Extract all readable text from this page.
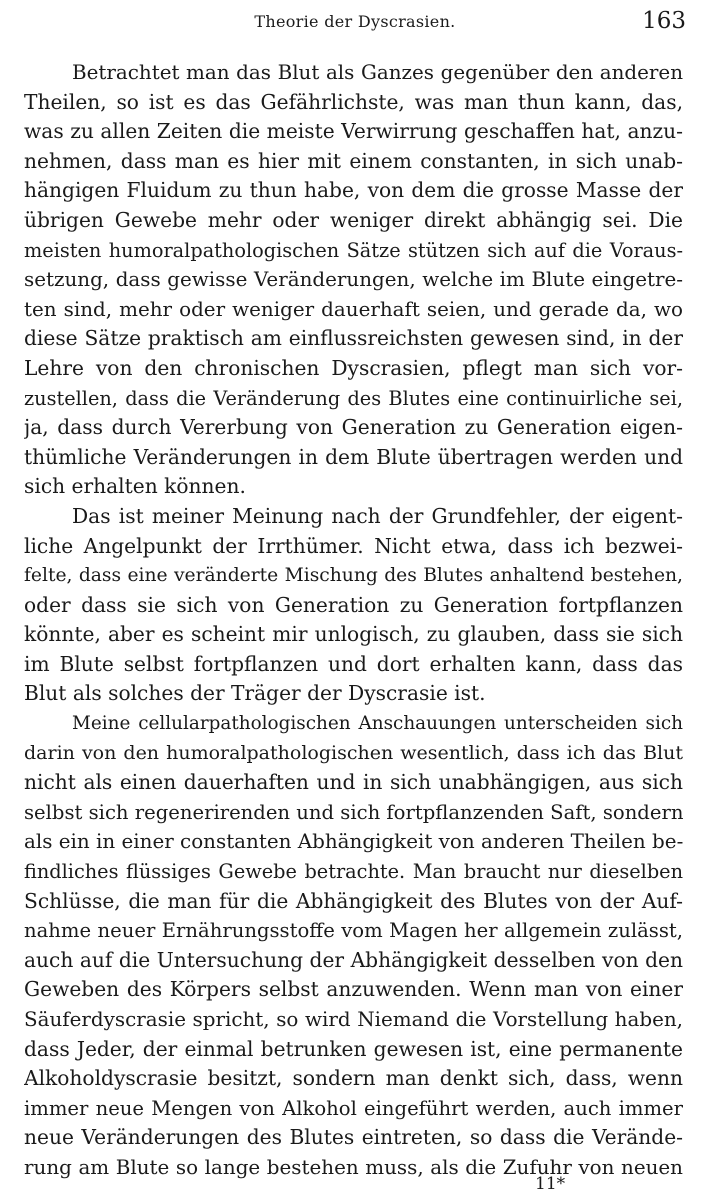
Theorie der Dyscrasien.	163
Betrachtet man das Blut als Ganzes gegenüber den anderen
Theilen, so ist es das Gefährlichste, was man thun kann, das,
was zu allen Zeiten die meiste Verwirrung geschaffen hat, anzu-
nehmen, dass man es hier mit einem constanten, in sich unab-
hängigen Fluidum zu thun habe, von dem die grosse Masse der
übrigen Gewebe mehr oder weniger direkt abhängig sei. Die
meisten humoralpathologischen Sätze stützen sich auf die Voraus-
setzung, dass gewisse Veränderungen, welche im Blute eingetre-
ten sind, mehr oder weniger dauerhaft seien, und gerade da, wo
diese Sätze praktisch am einflussreichsten gewesen sind, in der
Lehre von den chronischen Dyscrasien, pflegt man sich vor-
zustellen, dass die Veränderung des Blutes eine continuirliche sei,
ja, dass durch Vererbung von Generation zu Generation eigen-
thümliche Veränderungen in dem Blute übertragen werden und
sich erhalten können.
Das ist meiner Meinung nach der Grundfehler, der eigent-
liche Angelpunkt der Irrthümer. Nicht etwa, dass ich bezwei-
felte, dass eine veränderte Mischung des Blutes anhaltend bestehen,
oder dass sie sich von Generation zu Generation fortpflanzen
könnte, aber es scheint mir unlogisch, zu glauben, dass sie sich
im Blute selbst fortpflanzen und dort erhalten kann, dass das
Blut als solches der Träger der Dyscrasie ist.
Meine cellularpathologischen Anschauungen unterscheiden sich
darin von den humoralpathologischen wesentlich, dass ich das Blut
nicht als einen dauerhaften und in sich unabhängigen, aus sich
selbst sich regenerirenden und sich fortpflanzenden Saft, sondern
als ein in einer constanten Abhängigkeit von anderen Theilen be-
findliches flüssiges Gewebe betrachte. Man braucht nur dieselben
Schlüsse, die man für die Abhängigkeit des Blutes von der Auf-
nahme neuer Ernährungsstoffe vom Magen her allgemein zulässt,
auch auf die Untersuchung der Abhängigkeit desselben von den
Geweben des Körpers selbst anzuwenden. Wenn man von einer
Säuferdyscrasie spricht, so wird Niemand die Vorstellung haben,
dass Jeder, der einmal betrunken gewesen ist, eine permanente
Alkoholdyscrasie besitzt, sondern man denkt sich, dass, wenn
immer neue Mengen von Alkohol eingeführt werden, auch immer
neue Veränderungen des Blutes eintreten, so dass die Verände-
rung am Blute so lange bestehen muss, als die Zufuhr von neuen
11*
